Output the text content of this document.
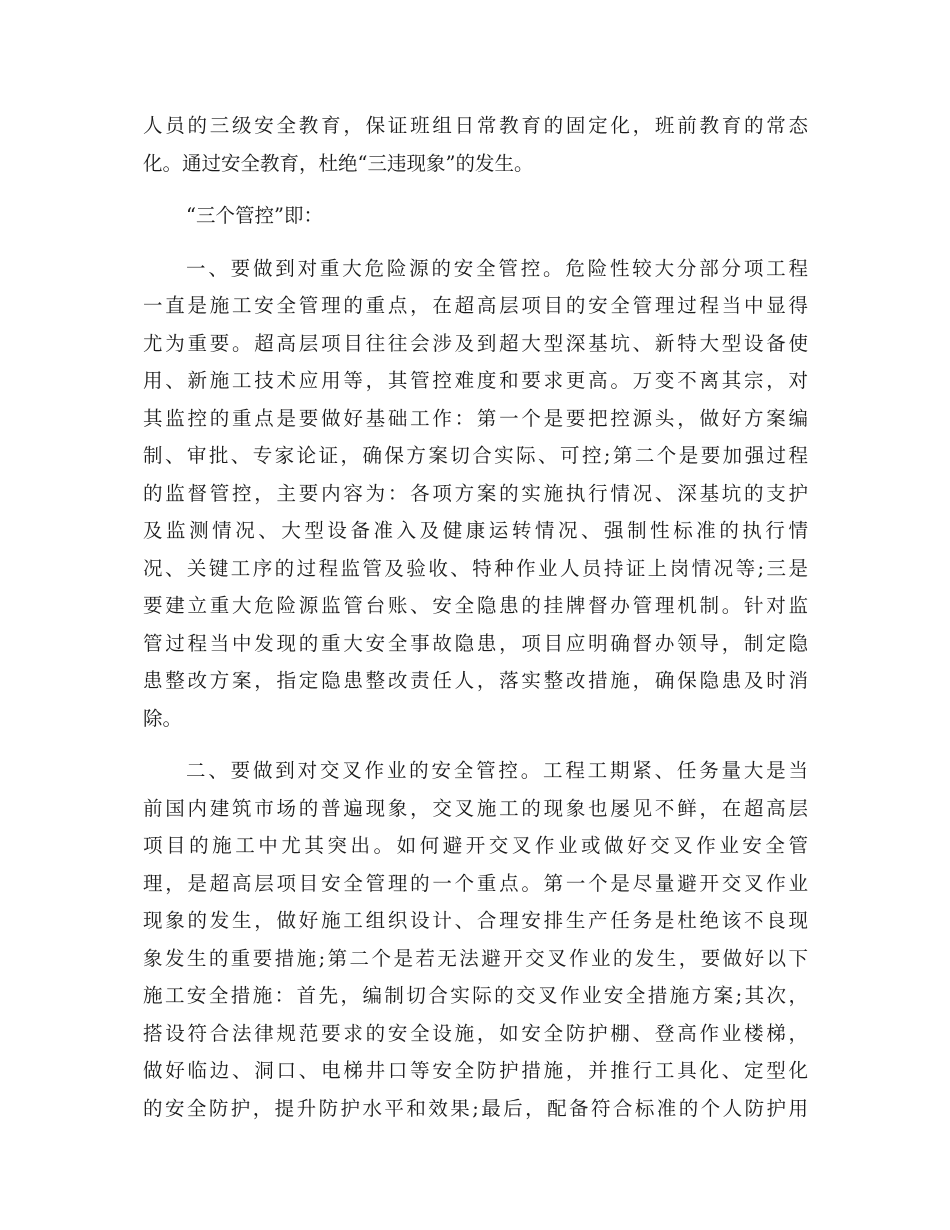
人员的三级安全教育，保证班组日常教育的固定化，班前教育的常态
化。通过安全教育，杜绝“三违现象”的发生。
“三个管控”即：
一、要做到对重大危险源的安全管控。危险性较大分部分项工程
一直是施工安全管理的重点，在超高层项目的安全管理过程当中显得
尤为重要。超高层项目往往会涉及到超大型深基坑、新特大型设备使
用、新施工技术应用等，其管控难度和要求更高。万变不离其宗，对
其监控的重点是要做好基础工作：第一个是要把控源头，做好方案编
制、审批、专家论证，确保方案切合实际、可控;第二个是要加强过程
的监督管控，主要内容为：各项方案的实施执行情况、深基坑的支护
及监测情况、大型设备准入及健康运转情况、强制性标准的执行情
况、关键工序的过程监管及验收、特种作业人员持证上岗情况等;三是
要建立重大危险源监管台账、安全隐患的挂牌督办管理机制。针对监
管过程当中发现的重大安全事故隐患，项目应明确督办领导，制定隐
患整改方案，指定隐患整改责任人，落实整改措施，确保隐患及时消
除。
二、要做到对交叉作业的安全管控。工程工期紧、任务量大是当
前国内建筑市场的普遍现象，交叉施工的现象也屡见不鲜，在超高层
项目的施工中尤其突出。如何避开交叉作业或做好交叉作业安全管
理，是超高层项目安全管理的一个重点。第一个是尽量避开交叉作业
现象的发生，做好施工组织设计、合理安排生产任务是杜绝该不良现
象发生的重要措施;第二个是若无法避开交叉作业的发生，要做好以下
施工安全措施：首先，编制切合实际的交叉作业安全措施方案;其次，
搭设符合法律规范要求的安全设施，如安全防护棚、登高作业楼梯，
做好临边、洞口、电梯井口等安全防护措施，并推行工具化、定型化
的安全防护，提升防护水平和效果;最后，配备符合标准的个人防护用
